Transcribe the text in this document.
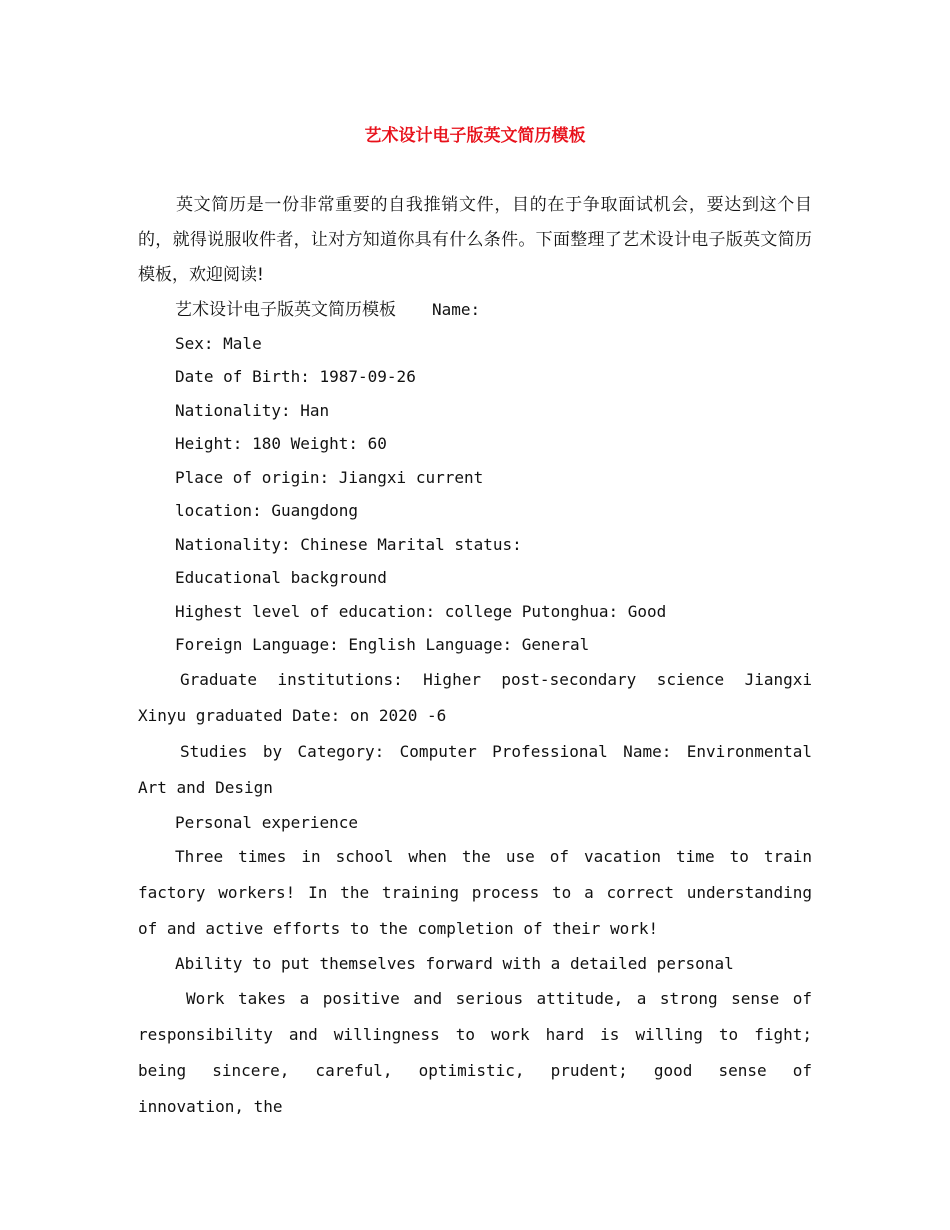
艺术设计电子版英文简历模板

英文简历是一份非常重要的自我推销文件，目的在于争取面试机会，要达到这个目的，就得说服收件者，让对方知道你具有什么条件。下面整理了艺术设计电子版英文简历模板，欢迎阅读!

艺术设计电子版英文简历模板 Name:

Sex: Male

Date of Birth: 1987-09-26

Nationality: Han

Height: 180 Weight: 60

Place of origin: Jiangxi current

location: Guangdong

Nationality: Chinese Marital status:

Educational background

Highest level of education: college Putonghua: Good

Foreign Language: English Language: General

Graduate institutions: Higher post-secondary science Jiangxi Xinyu graduated Date: on 2020 -6

Studies by Category: Computer Professional Name: Environmental Art and Design

Personal experience

Three times in school when the use of vacation time to train factory workers! In the training process to a correct understanding of and active efforts to the completion of their work!

Ability to put themselves forward with a detailed personal

Work takes a positive and serious attitude, a strong sense of responsibility and willingness to work hard is willing to fight; being sincere, careful, optimistic, prudent; good sense of innovation, the
